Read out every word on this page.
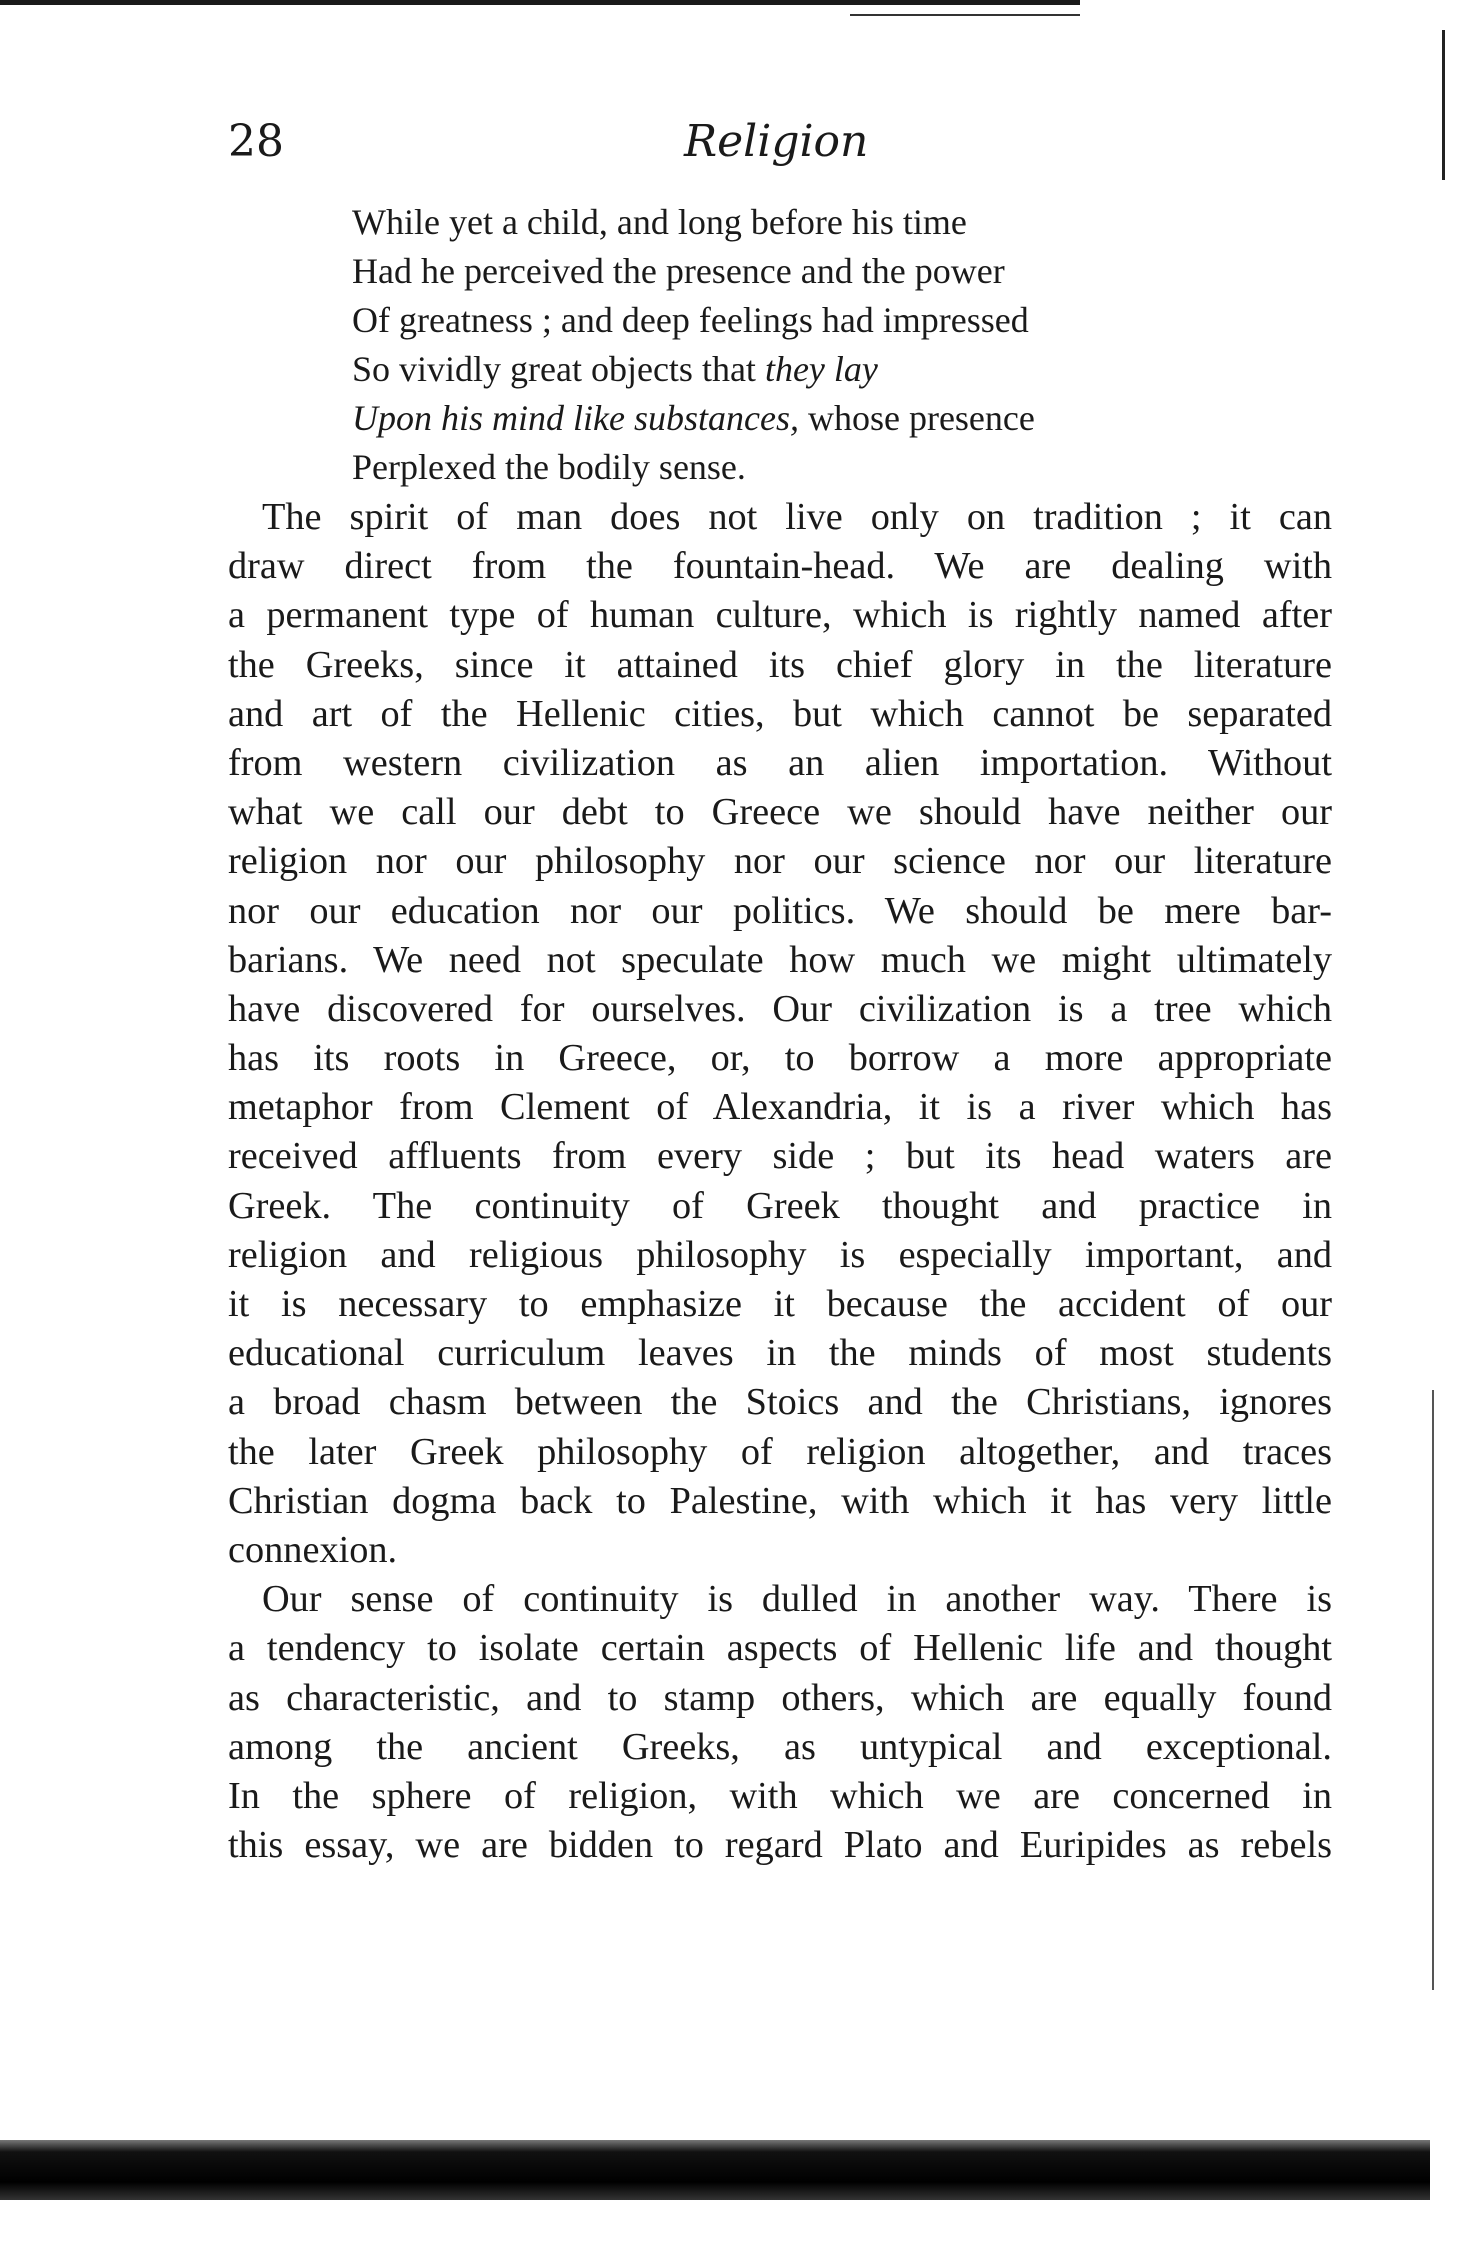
28	Religion
While yet a child, and long before his time
Had he perceived the presence and the power
Of greatness ; and deep feelings had impressed
So vividly great objects that they lay
Upon his mind like substances, whose presence
Perplexed the bodily sense.

The spirit of man does not live only on tradition ; it can
draw direct from the fountain-head. We are dealing with
a permanent type of human culture, which is rightly named after
the Greeks, since it attained its chief glory in the literature
and art of the Hellenic cities, but which cannot be separated
from western civilization as an alien importation. Without
what we call our debt to Greece we should have neither our
religion nor our philosophy nor our science nor our literature
nor our education nor our politics. We should be mere bar-
barians. We need not speculate how much we might ultimately
have discovered for ourselves. Our civilization is a tree which
has its roots in Greece, or, to borrow a more appropriate
metaphor from Clement of Alexandria, it is a river which has
received affluents from every side ; but its head waters are
Greek. The continuity of Greek thought and practice in
religion and religious philosophy is especially important, and
it is necessary to emphasize it because the accident of our
educational curriculum leaves in the minds of most students
a broad chasm between the Stoics and the Christians, ignores
the later Greek philosophy of religion altogether, and traces
Christian dogma back to Palestine, with which it has very little
connexion.

Our sense of continuity is dulled in another way. There is
a tendency to isolate certain aspects of Hellenic life and thought
as characteristic, and to stamp others, which are equally found
among the ancient Greeks, as untypical and exceptional.
In the sphere of religion, with which we are concerned in
this essay, we are bidden to regard Plato and Euripides as rebels
